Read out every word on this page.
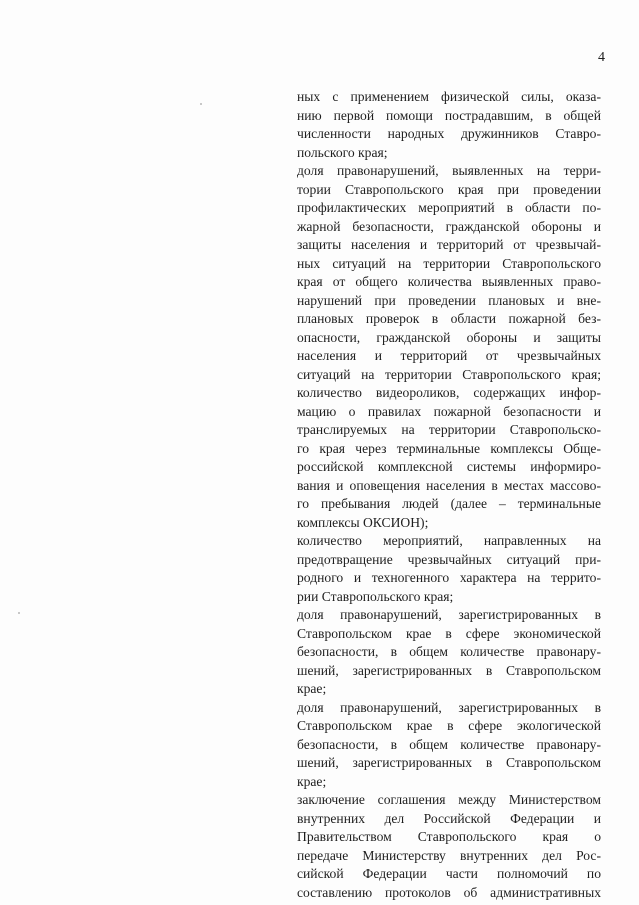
4
ных с применением физической силы, оказа-
нию первой помощи пострадавшим, в общей
численности народных дружинников Ставро-
польского края;
доля правонарушений, выявленных на терри-
тории Ставропольского края при проведении
профилактических мероприятий в области по-
жарной безопасности, гражданской обороны и
защиты населения и территорий от чрезвычай-
ных ситуаций на территории Ставропольского
края от общего количества выявленных право-
нарушений при проведении плановых и вне-
плановых проверок в области пожарной без-
опасности, гражданской обороны и защиты
населения и территорий от чрезвычайных
ситуаций на территории Ставропольского края;
количество видеороликов, содержащих инфор-
мацию о правилах пожарной безопасности и
транслируемых на территории Ставропольско-
го края через терминальные комплексы Обще-
российской комплексной системы информиро-
вания и оповещения населения в местах массово-
го пребывания людей (далее – терминальные
комплексы ОКСИОН);
количество мероприятий, направленных на
предотвращение чрезвычайных ситуаций при-
родного и техногенного характера на террито-
рии Ставропольского края;
доля правонарушений, зарегистрированных в
Ставропольском крае в сфере экономической
безопасности, в общем количестве правонару-
шений, зарегистрированных в Ставропольском
крае;
доля правонарушений, зарегистрированных в
Ставропольском крае в сфере экологической
безопасности, в общем количестве правонару-
шений, зарегистрированных в Ставропольском
крае;
заключение соглашения между Министерством
внутренних дел Российской Федерации и
Правительством Ставропольского края о
передаче Министерству внутренних дел Рос-
сийской Федерации части полномочий по
составлению протоколов об административных
